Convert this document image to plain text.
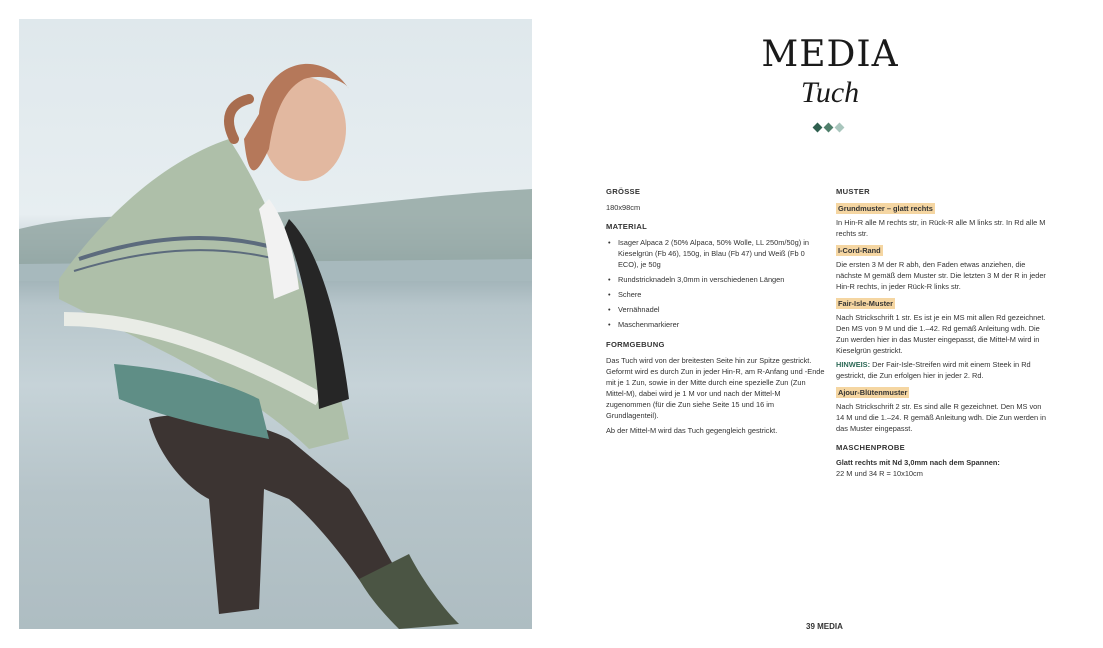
MEDIA
Tuch

GRÖSSE

180x98cm

MATERIAL

• Isager Alpaca 2 (50% Alpaca, 50% Wolle, LL 250m/50g) in Kieselgrün (Fb 46), 150g, in Blau (Fb 47) und Weiß (Fb 0 ECO), je 50g
• Rundstricknadeln 3,0mm in verschiedenen Längen
• Schere
• Vernähnadel
• Maschenmarkierer

FORMGEBUNG

Das Tuch wird von der breitesten Seite hin zur Spitze gestrickt. Geformt wird es durch Zun in jeder Hin-R, am R-Anfang und -Ende mit je 1 Zun, sowie in der Mitte durch eine spezielle Zun (Zun Mittel-M), dabei wird je 1 M vor und nach der Mittel-M zugenommen (für die Zun siehe Seite 15 und 16 im Grundlagenteil).

Ab der Mittel-M wird das Tuch gegengleich gestrickt.

MUSTER

Grundmuster – glatt rechts

In Hin-R alle M rechts str, in Rück-R alle M links str. In Rd alle M rechts str.

I-Cord-Rand

Die ersten 3 M der R abh, den Faden etwas anziehen, die nächste M gemäß dem Muster str. Die letzten 3 M der R in jeder Hin-R rechts, in jeder Rück-R links str.

Fair-Isle-Muster

Nach Strickschrift 1 str. Es ist je ein MS mit allen Rd gezeichnet. Den MS von 9 M und die 1.–42. Rd gemäß Anleitung wdh. Die Zun werden hier in das Muster eingepasst, die Mittel-M wird in Kieselgrün gestrickt.

HINWEIS: Der Fair-Isle-Streifen wird mit einem Steek in Rd gestrickt, die Zun erfolgen hier in jeder 2. Rd.

Ajour-Blütenmuster

Nach Strickschrift 2 str. Es sind alle R gezeichnet. Den MS von 14 M und die 1.–24. R gemäß Anleitung wdh. Die Zun werden in das Muster eingepasst.

MASCHENPROBE

Glatt rechts mit Nd 3,0mm nach dem Spannen:

22 M und 34 R = 10x10cm

39 MEDIA
